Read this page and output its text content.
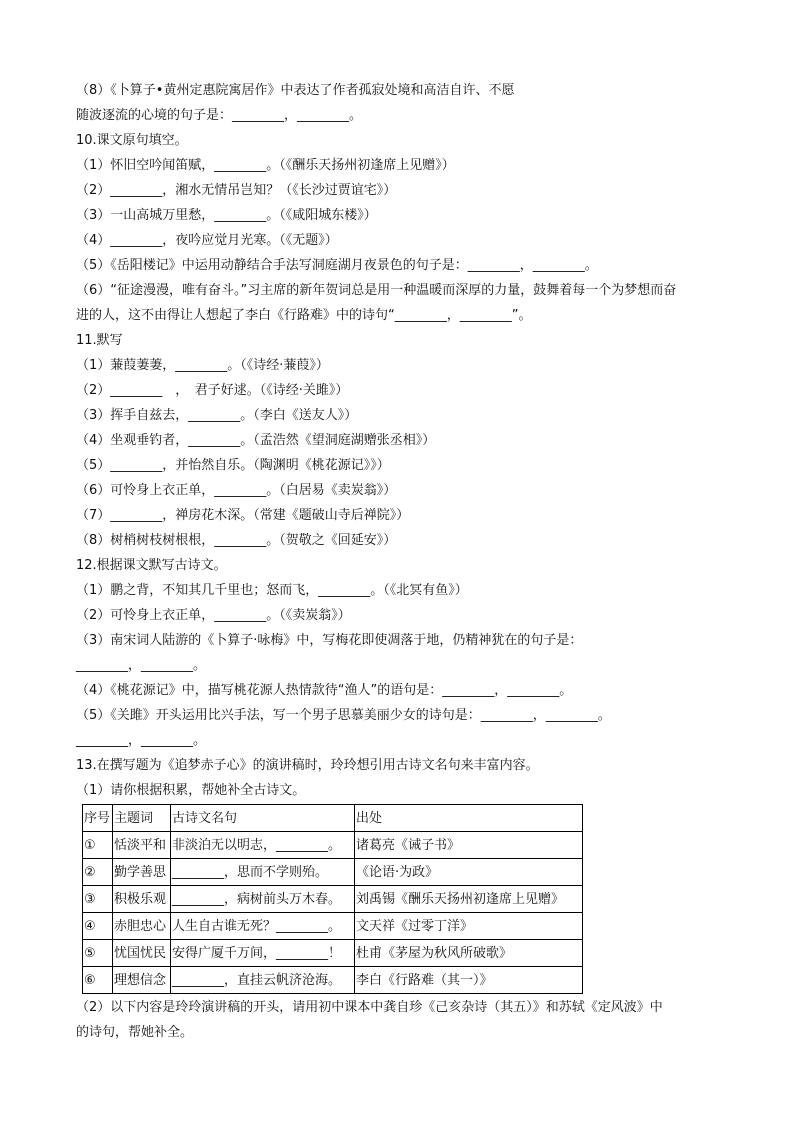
（8）《卜算子•黄州定惠院寓居作》中表达了作者孤寂处境和高洁自许、不愿
随波逐流的心境的句子是：________，________。
10.课文原句填空。
（1）怀旧空吟闻笛赋，________。（《酬乐天扬州初逢席上见赠》）
（2）________，湘水无情吊岂知？（《长沙过贾谊宅》）
（3）一山高城万里愁，________。（《咸阳城东楼》）
（4）________，夜吟应觉月光寒。（《无题》）
（5）《岳阳楼记》中运用动静结合手法写洞庭湖月夜景色的句子是：________，________。
（6）“征途漫漫，唯有奋斗。”习主席的新年贺词总是用一种温暖而深厚的力量，鼓舞着每一个为梦想而奋
进的人，这不由得让人想起了李白《行路难》中的诗句“________，________”。
11.默写
（1）蒹葭萋萋，________。（《诗经·蒹葭》）
（2）________　，　君子好逑。（《诗经·关雎》）
（3）挥手自兹去，________。（李白《送友人》）
（4）坐观垂钓者，________。（孟浩然《望洞庭湖赠张丞相》）
（5）________，并怡然自乐。（陶渊明《桃花源记》》）
（6）可怜身上衣正单，________。（白居易《卖炭翁》）
（7）________，禅房花木深。（常建《题破山寺后禅院》）
（8）树梢树枝树根根，________。（贺敬之《回延安》）
12.根据课文默写古诗文。
（1）鹏之背，不知其几千里也；怒而飞，________。（《北冥有鱼》）
（2）可怜身上衣正单，________。（《卖炭翁》）
（3）南宋词人陆游的《卜算子·咏梅》中，写梅花即使凋落于地，仍精神犹在的句子是：
________，________。
（4）《桃花源记》中，描写桃花源人热情款待“渔人”的语句是：________，________。
（5）《关雎》开头运用比兴手法，写一个男子思慕美丽少女的诗句是：________，________。
________，________。
13.在撰写题为《追梦赤子心》的演讲稿时，玲玲想引用古诗文名句来丰富内容。
（1）请你根据积累，帮她补全古诗文。
序号	主题词	古诗文名句	出处
①	恬淡平和	非淡泊无以明志，________。	诸葛亮《诫子书》
②	勤学善思	________，思而不学则殆。	《论语·为政》
③	积极乐观	________，病树前头万木春。	刘禹锡《酬乐天扬州初逢席上见赠》
④	赤胆忠心	人生自古谁无死？________。	文天祥《过零丁洋》
⑤	忧国忧民	安得广厦千万间，________！	杜甫《茅屋为秋风所破歌》
⑥	理想信念	________，直挂云帆济沧海。	李白《行路难（其一）》
（2）以下内容是玲玲演讲稿的开头，请用初中课本中龚自珍《己亥杂诗（其五）》和苏轼《定风波》中
的诗句，帮她补全。
